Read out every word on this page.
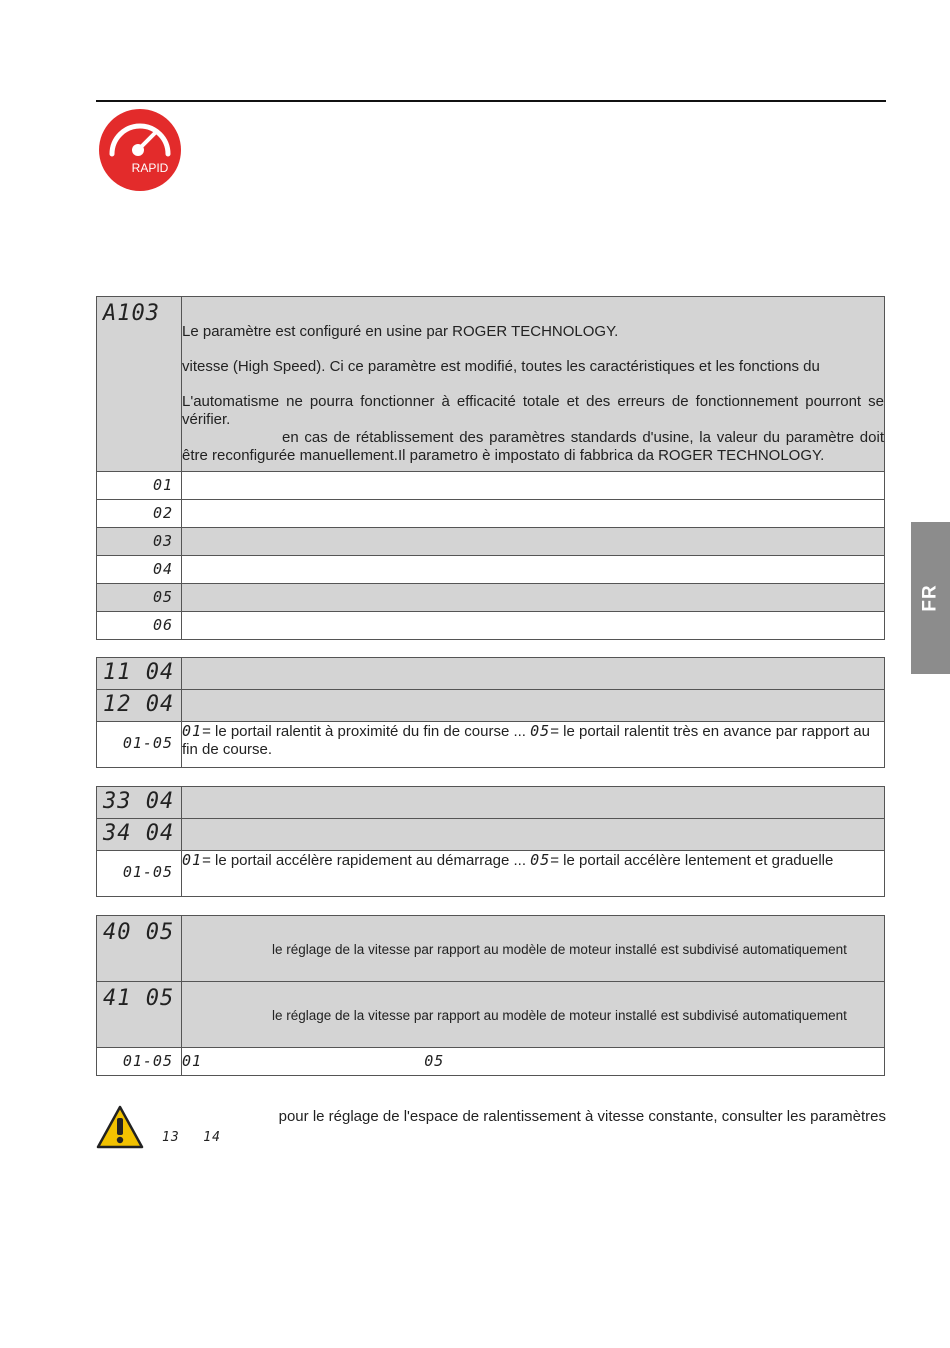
RAPID
FR
A103	Le paramètre est configuré en usine par ROGER TECHNOLOGY.

vitesse (High Speed). Ci ce paramètre est modifié, toutes les caractéristiques et les fonctions du

L'automatisme ne pourra fonctionner à efficacité totale et des erreurs de fonctionnement pourront se vérifier.

en cas de rétablissement des paramètres standards d'usine, la valeur du paramètre doit être reconfigurée manuellement.Il parametro è impostato di fabbrica da ROGER TECHNOLOGY.

01	

02	

03	

04	

05	

06	

11 04	

12 04	

01-05	01= le portail ralentit à proximité du fin de course ... 05= le portail ralentit très en avance par rapport au fin de course.
33 04	

34 04	

01-05	01= le portail accélère rapidement au démarrage ... 05= le portail accélère lentement et graduelle
40 05	le réglage de la vitesse par rapport au modèle de moteur installé est subdivisé automatiquement

41 05	le réglage de la vitesse par rapport au modèle de moteur installé est subdivisé automatiquement

01-05	01 05
pour le réglage de l'espace de ralentissement à vitesse constante, consulter les paramètres
13 14
